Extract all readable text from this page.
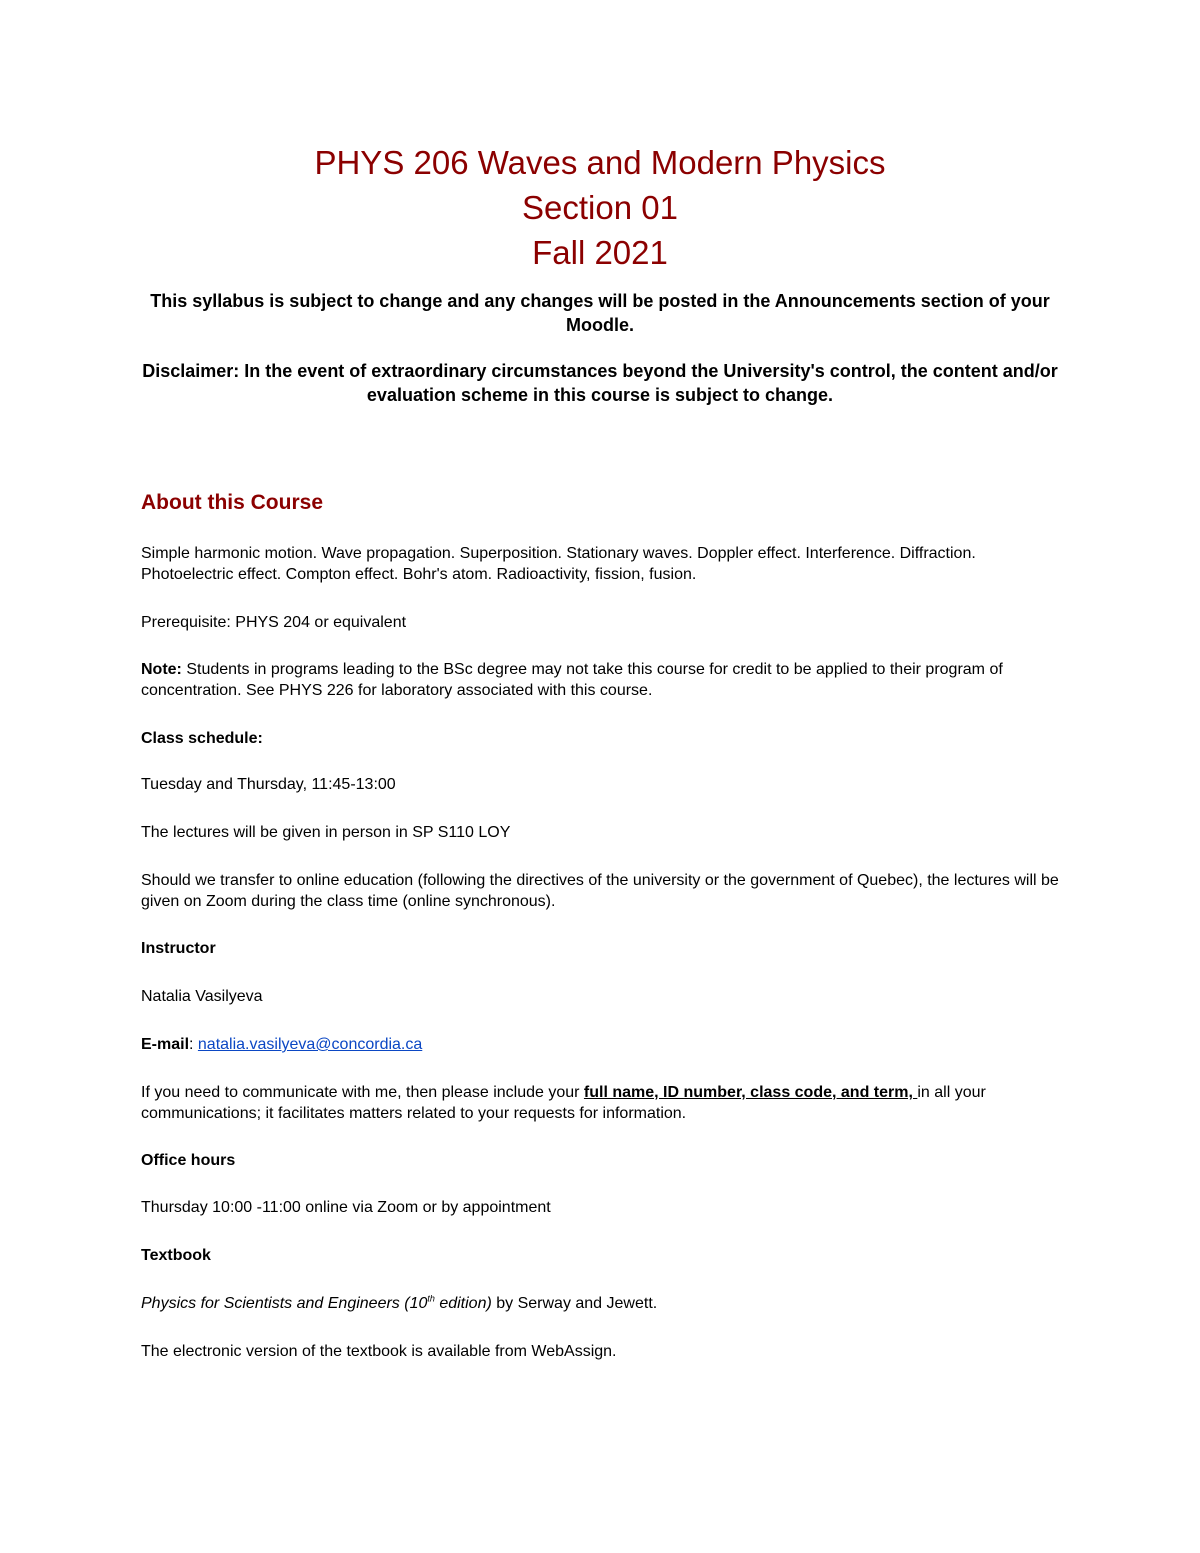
PHYS 206 Waves and Modern Physics
Section 01
Fall 2021
This syllabus is subject to change and any changes will be posted in the Announcements section of your Moodle.
Disclaimer: In the event of extraordinary circumstances beyond the University's control, the content and/or evaluation scheme in this course is subject to change.
About this Course
Simple harmonic motion. Wave propagation. Superposition. Stationary waves. Doppler effect. Interference. Diffraction. Photoelectric effect. Compton effect. Bohr's atom. Radioactivity, fission, fusion.
Prerequisite: PHYS 204 or equivalent
Note: Students in programs leading to the BSc degree may not take this course for credit to be applied to their program of concentration. See PHYS 226 for laboratory associated with this course.
Class schedule:
Tuesday and Thursday, 11:45-13:00
The lectures will be given in person in SP S110 LOY
Should we transfer to online education (following the directives of the university or the government of Quebec), the lectures will be given on Zoom during the class time (online synchronous).
Instructor
Natalia Vasilyeva
E-mail: natalia.vasilyeva@concordia.ca
If you need to communicate with me, then please include your full name, ID number, class code, and term, in all your communications; it facilitates matters related to your requests for information.
Office hours
Thursday 10:00 -11:00 online via Zoom or by appointment
Textbook
Physics for Scientists and Engineers (10th edition) by Serway and Jewett.
The electronic version of the textbook is available from WebAssign.
